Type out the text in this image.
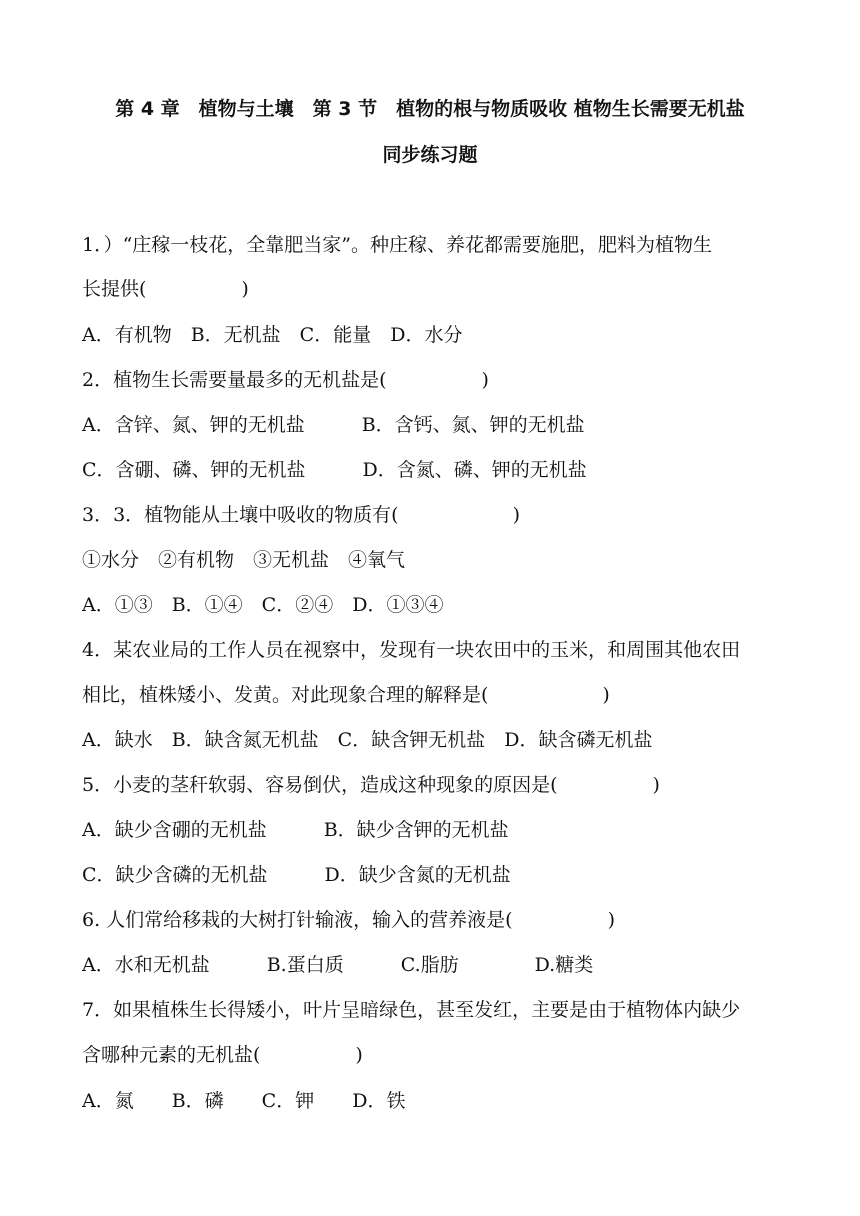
第 4 章　植物与土壤　第 3 节　植物的根与物质吸收 植物生长需要无机盐
同步练习题
1．）“庄稼一枝花，全靠肥当家”。种庄稼、养花都需要施肥，肥料为植物生
长提供(　　　　　)
A．有机物　B．无机盐　C．能量　D．水分
2．植物生长需要量最多的无机盐是(　　　　　)
A．含锌、氮、钾的无机盐　　　B．含钙、氮、钾的无机盐
C．含硼、磷、钾的无机盐　　　D．含氮、磷、钾的无机盐
3．3．植物能从土壤中吸收的物质有(　　　　　　)
①水分　②有机物　③无机盐　④氧气
A．①③　B．①④　C．②④　D．①③④
4．某农业局的工作人员在视察中，发现有一块农田中的玉米，和周围其他农田
相比，植株矮小、发黄。对此现象合理的解释是(　　　　　　)
A．缺水　B．缺含氮无机盐　C．缺含钾无机盐　D．缺含磷无机盐
5．小麦的茎秆软弱、容易倒伏，造成这种现象的原因是(　　　　　)
A．缺少含硼的无机盐　　　B．缺少含钾的无机盐
C．缺少含磷的无机盐　　　D．缺少含氮的无机盐
6. 人们常给移栽的大树打针输液，输入的营养液是(　　　　　)
A．水和无机盐　　　B.蛋白质　　　C.脂肪　　　　D.糖类
7．如果植株生长得矮小，叶片呈暗绿色，甚至发红，主要是由于植物体内缺少
含哪种元素的无机盐(　　　　　)
A．氮　　B．磷　　C．钾　　D．铁
